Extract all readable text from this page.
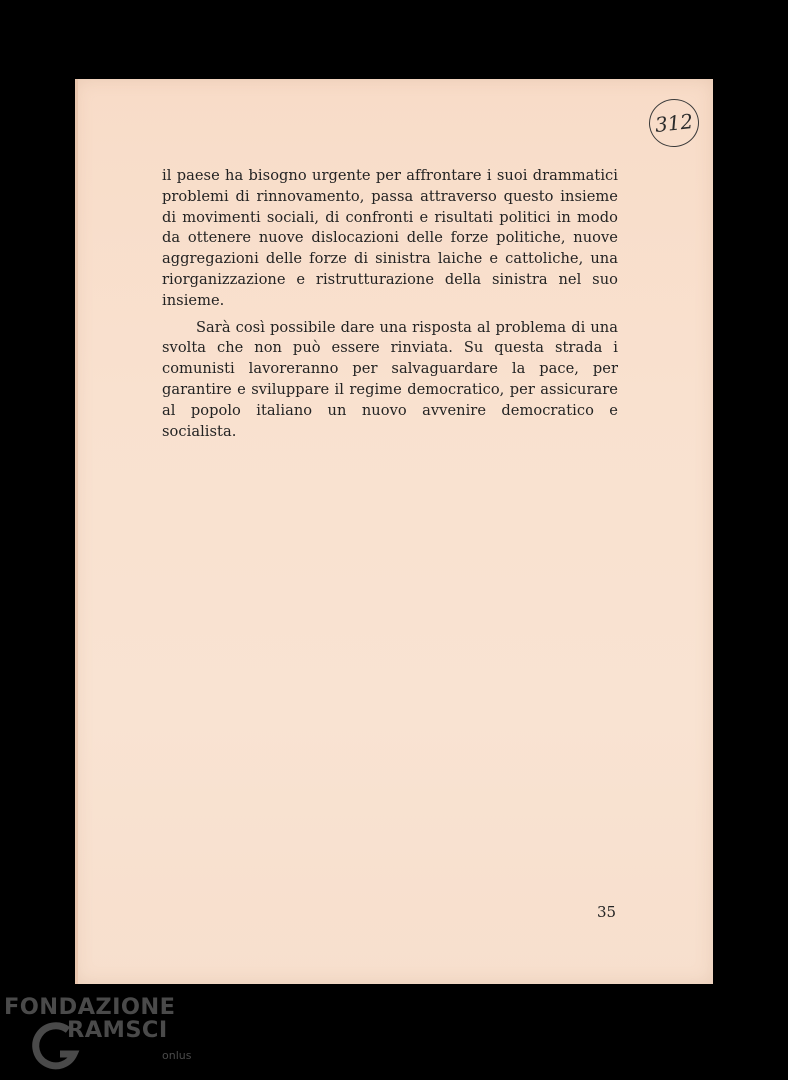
312

il paese ha bisogno urgente per affrontare i suoi drammatici problemi di rinnovamento, passa attraverso questo insieme di movimenti sociali, di confronti e risultati politici in modo da ottenere nuove dislocazioni delle forze politiche, nuove aggregazioni delle forze di sinistra laiche e cattoliche, una riorganizzazione e ristrutturazione della sinistra nel suo insieme.

Sarà così possibile dare una risposta al problema di una svolta che non può essere rinviata. Su questa strada i comunisti lavoreranno per salvaguardare la pace, per garantire e sviluppare il regime democratico, per assicurare al popolo italiano un nuovo avvenire democratico e socialista.

35
FONDAZIONE
RAMSCI
onlus
